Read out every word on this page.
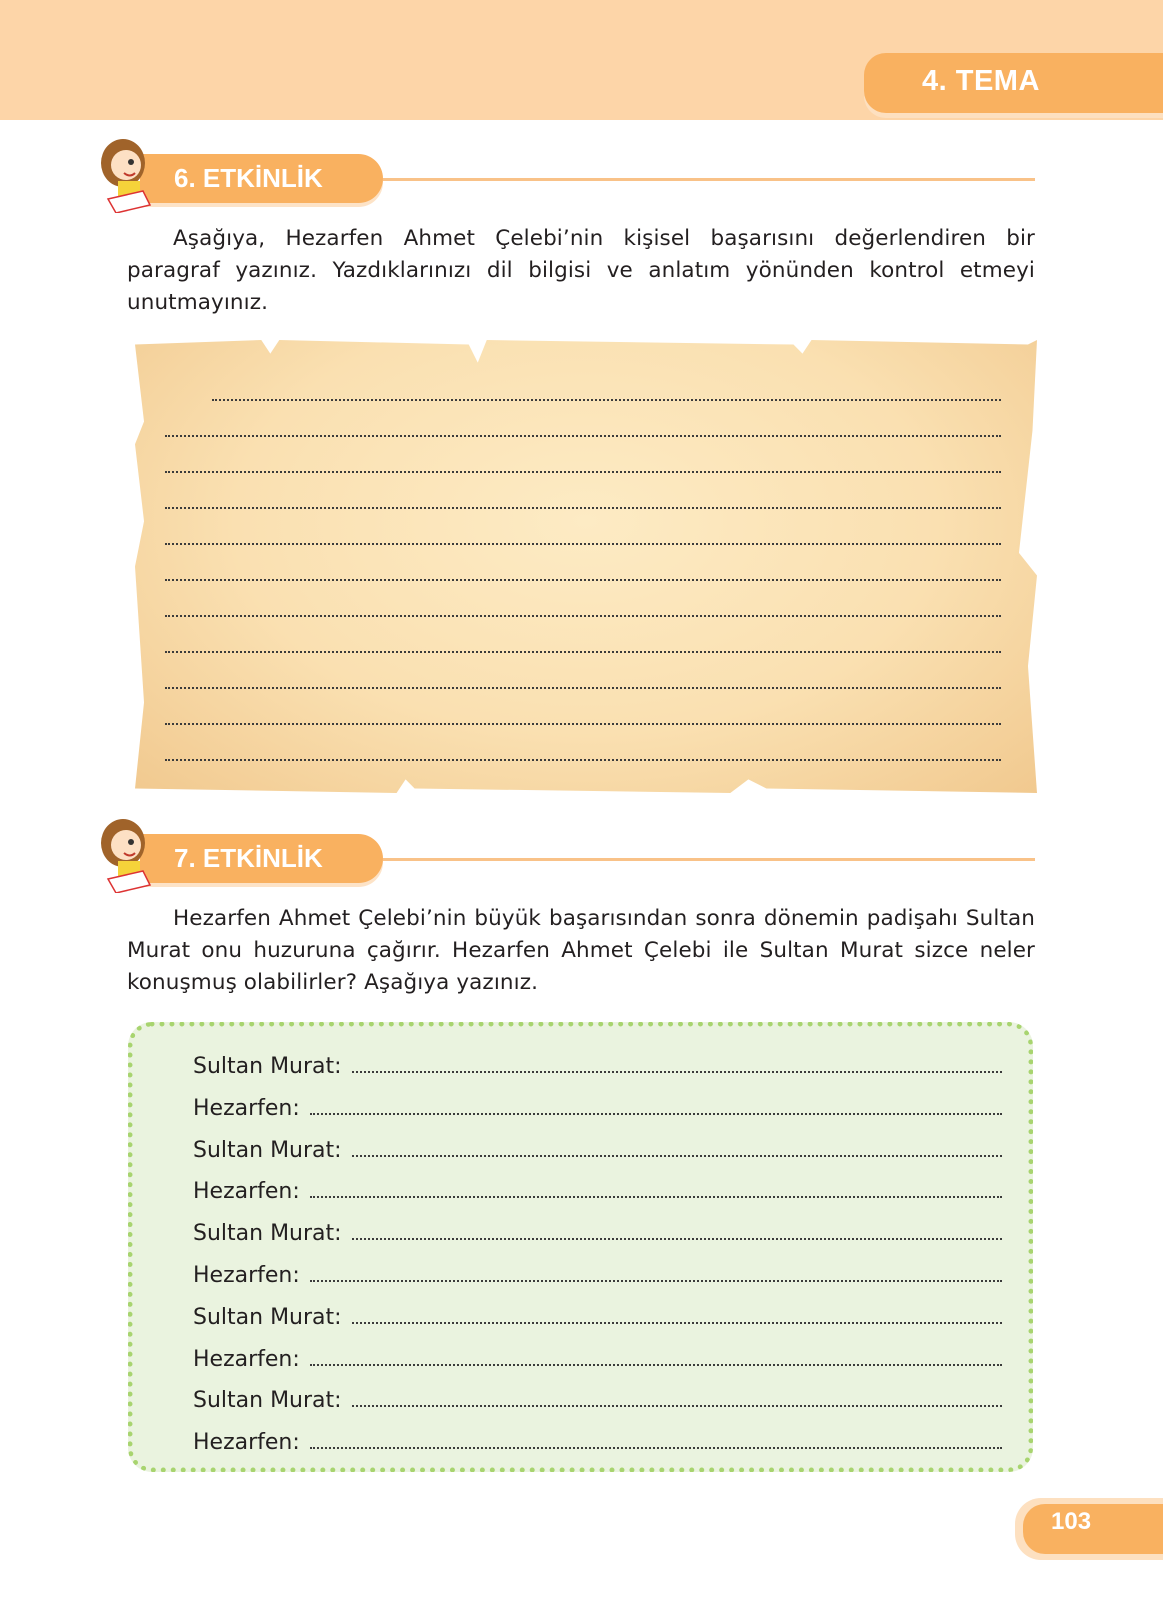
4. TEMA
6. ETKİNLİK

Aşağıya, Hezarfen Ahmet Çelebi’nin kişisel başarısını değerlendiren bir paragraf yazınız. Yazdıklarınızı dil bilgisi ve anlatım yönünden kontrol etmeyi unutmayınız.

7. ETKİNLİK

Hezarfen Ahmet Çelebi’nin büyük başarısından sonra dönemin padişahı Sultan Murat onu huzuruna çağırır. Hezarfen Ahmet Çelebi ile Sultan Murat sizce neler konuşmuş olabilirler? Aşağıya yazınız.

Sultan Murat:
Hezarfen:
Sultan Murat:
Hezarfen:
Sultan Murat:
Hezarfen:
Sultan Murat:
Hezarfen:
Sultan Murat:
Hezarfen:
103
